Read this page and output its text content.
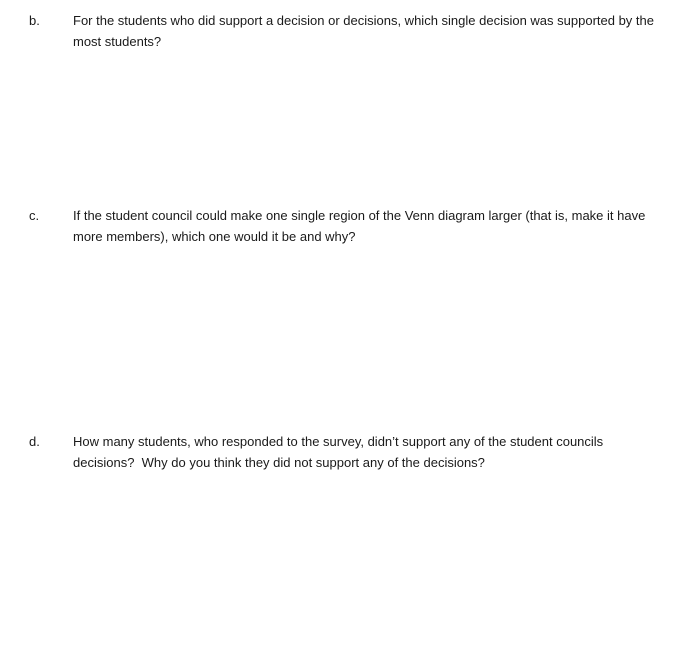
b.	For the students who did support a decision or decisions, which single decision was supported by the  most students?
c.	If the student council could make one single region of the Venn diagram larger (that is, make it have more members), which one would it be and why?
d.	How many students, who responded to the survey, didn’t support any of the student councils decisions?  Why do you think they did not support any of the decisions?
